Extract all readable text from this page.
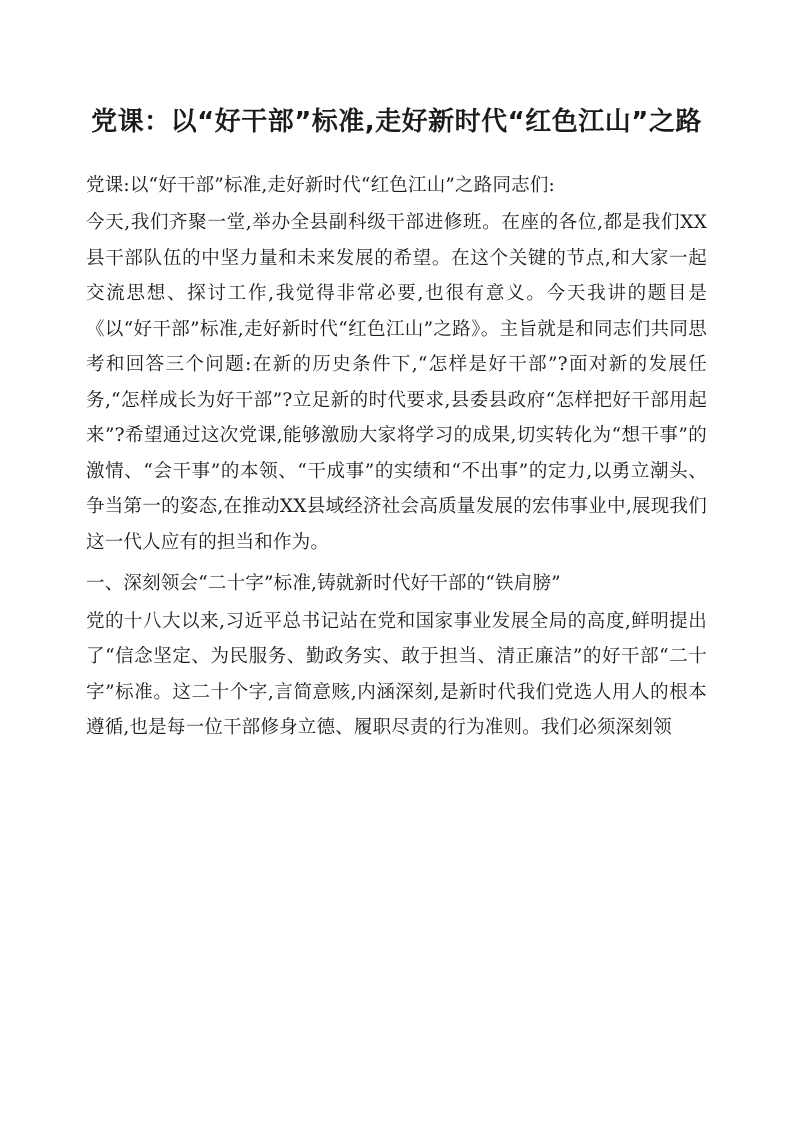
党课：以“好干部”标准,走好新时代“红色江山”之路

党课:以“好干部”标准,走好新时代“红色江山”之路同志们:

今天,我们齐聚一堂,举办全县副科级干部进修班。在座的各位,都是我们XX县干部队伍的中坚力量和未来发展的希望。在这个关键的节点,和大家一起交流思想、探讨工作,我觉得非常必要,也很有意义。今天我讲的题目是《以“好干部”标准,走好新时代“红色江山”之路》。主旨就是和同志们共同思考和回答三个问题:在新的历史条件下,“怎样是好干部”?面对新的发展任务,“怎样成长为好干部”?立足新的时代要求,县委县政府“怎样把好干部用起来”?希望通过这次党课,能够激励大家将学习的成果,切实转化为“想干事”的激情、“会干事”的本领、“干成事”的实绩和“不出事”的定力,以勇立潮头、争当第一的姿态,在推动XX县域经济社会高质量发展的宏伟事业中,展现我们这一代人应有的担当和作为。

一、深刻领会“二十字”标准,铸就新时代好干部的“铁肩膀”

党的十八大以来,习近平总书记站在党和国家事业发展全局的高度,鲜明提出了“信念坚定、为民服务、勤政务实、敢于担当、清正廉洁”的好干部“二十字”标准。这二十个字,言简意赅,内涵深刻,是新时代我们党选人用人的根本遵循,也是每一位干部修身立德、履职尽责的行为准则。我们必须深刻领
